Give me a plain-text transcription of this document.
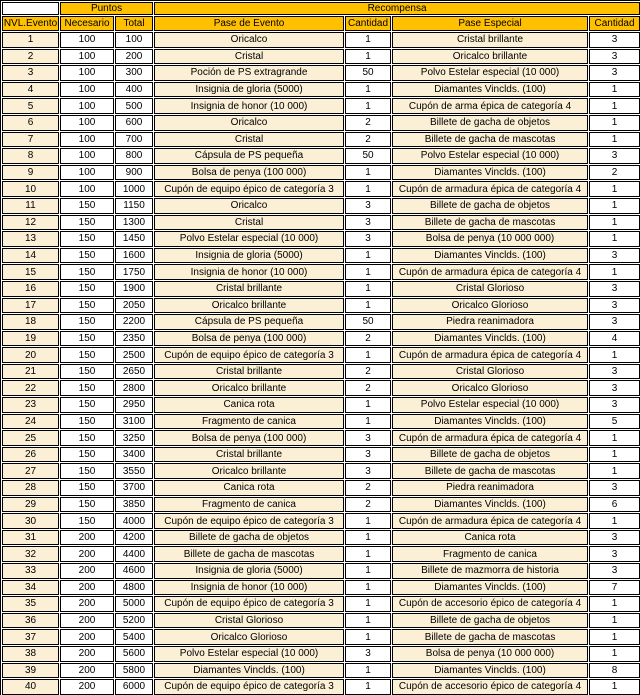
	Puntos		Recompensa			
NVL.Evento	Necesario	Total	Pase de Evento	Cantidad	Pase Especial	Cantidad
1	100	100	Oricalco	1	Cristal brillante	3
2	100	200	Cristal	1	Oricalco brillante	3
3	100	300	Poción de PS extragrande	50	Polvo Estelar especial (10 000)	3
4	100	400	Insignia de gloria (5000)	1	Diamantes Vinclds. (100)	1
5	100	500	Insignia de honor (10 000)	1	Cupón de arma épica de categoría 4	1
6	100	600	Oricalco	2	Billete de gacha de objetos	1
7	100	700	Cristal	2	Billete de gacha de mascotas	1
8	100	800	Cápsula de PS pequeña	50	Polvo Estelar especial (10 000)	3
9	100	900	Bolsa de penya (100 000)	1	Diamantes Vinclds. (100)	2
10	100	1000	Cupón de equipo épico de categoría 3	1	Cupón de armadura épica de categoría 4	1
11	150	1150	Oricalco	3	Billete de gacha de objetos	1
12	150	1300	Cristal	3	Billete de gacha de mascotas	1
13	150	1450	Polvo Estelar especial (10 000)	3	Bolsa de penya (10 000 000)	1
14	150	1600	Insignia de gloria (5000)	1	Diamantes Vinclds. (100)	3
15	150	1750	Insignia de honor (10 000)	1	Cupón de armadura épica de categoría 4	1
16	150	1900	Cristal brillante	1	Cristal Glorioso	3
17	150	2050	Oricalco brillante	1	Oricalco Glorioso	3
18	150	2200	Cápsula de PS pequeña	50	Piedra reanimadora	3
19	150	2350	Bolsa de penya (100 000)	2	Diamantes Vinclds. (100)	4
20	150	2500	Cupón de equipo épico de categoría 3	1	Cupón de armadura épica de categoría 4	1
21	150	2650	Cristal brillante	2	Cristal Glorioso	3
22	150	2800	Oricalco brillante	2	Oricalco Glorioso	3
23	150	2950	Canica rota	1	Polvo Estelar especial (10 000)	3
24	150	3100	Fragmento de canica	1	Diamantes Vinclds. (100)	5
25	150	3250	Bolsa de penya (100 000)	3	Cupón de armadura épica de categoría 4	1
26	150	3400	Cristal brillante	3	Billete de gacha de objetos	1
27	150	3550	Oricalco brillante	3	Billete de gacha de mascotas	1
28	150	3700	Canica rota	2	Piedra reanimadora	3
29	150	3850	Fragmento de canica	2	Diamantes Vinclds. (100)	6
30	150	4000	Cupón de equipo épico de categoría 3	1	Cupón de armadura épica de categoría 4	1
31	200	4200	Billete de gacha de objetos	1	Canica rota	3
32	200	4400	Billete de gacha de mascotas	1	Fragmento de canica	3
33	200	4600	Insignia de gloria (5000)	1	Billete de mazmorra de historia	3
34	200	4800	Insignia de honor (10 000)	1	Diamantes Vinclds. (100)	7
35	200	5000	Cupón de equipo épico de categoría 3	1	Cupón de accesorio épico de categoría 4	1
36	200	5200	Cristal Glorioso	1	Billete de gacha de objetos	1
37	200	5400	Oricalco Glorioso	1	Billete de gacha de mascotas	1
38	200	5600	Polvo Estelar especial (10 000)	3	Bolsa de penya (10 000 000)	1
39	200	5800	Diamantes Vinclds. (100)	1	Diamantes Vinclds. (100)	8
40	200	6000	Cupón de equipo épico de categoría 3	1	Cupón de accesorio épico de categoría 4	1
